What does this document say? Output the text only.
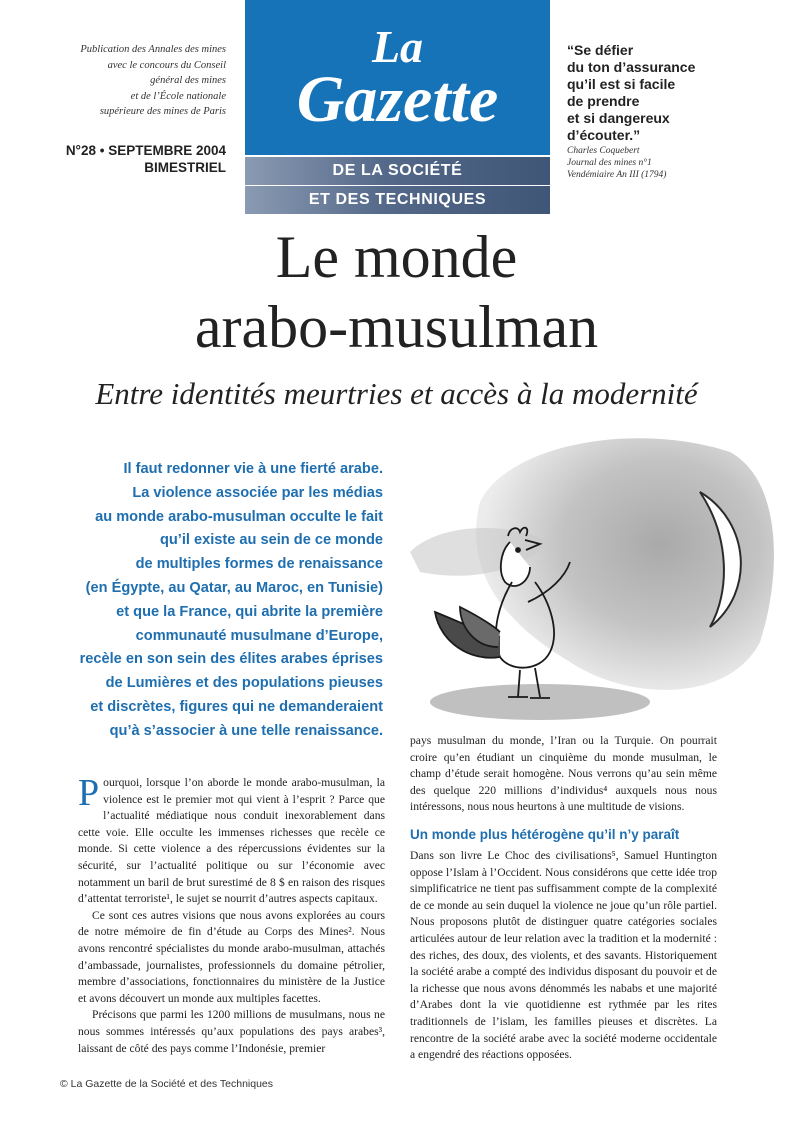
Publication des Annales des mines
avec le concours du Conseil
général des mines
et de l’École nationale
supérieure des mines de Paris
N°28 • SEPTEMBRE 2004
BIMESTRIEL
La
Gazette
DE LA SOCIÉTÉ
ET DES TECHNIQUES
“Se défier
du ton d’assurance
qu’il est si facile
de prendre
et si dangereux
d’écouter.”
Charles Coquebert
Journal des mines n°1
Vendémiaire An III (1794)
Le monde
arabo-musulman
Entre identités meurtries et accès à la modernité
Il faut redonner vie à une fierté arabe.
La violence associée par les médias
au monde arabo-musulman occulte le fait
qu’il existe au sein de ce monde
de multiples formes de renaissance
(en Égypte, au Qatar, au Maroc, en Tunisie)
et que la France, qui abrite la première
communauté musulmane d’Europe,
recèle en son sein des élites arabes éprises
de Lumières et des populations pieuses
et discrètes, figures qui ne demanderaient
qu’à s’associer à une telle renaissance.

Pourquoi, lorsque l’on aborde le monde arabo-musulman, la violence est le premier mot qui vient à l’esprit ? Parce que l’actualité médiatique nous conduit inexorablement dans cette voie. Elle occulte les immenses richesses que recèle ce monde. Si cette violence a des répercussions évidentes sur la sécurité, sur l’actualité politique ou sur l’économie avec notamment un baril de brut surestimé de 8 $ en raison des risques d’attentat terroriste¹, le sujet se nourrit d’autres aspects capitaux.

Ce sont ces autres visions que nous avons explorées au cours de notre mémoire de fin d’étude au Corps des Mines². Nous avons rencontré spécialistes du monde arabo-musulman, attachés d’ambassade, journalistes, professionnels du domaine pétrolier, membre d’associations, fonctionnaires du ministère de la Justice et avons découvert un monde aux multiples facettes.

Précisons que parmi les 1200 millions de musulmans, nous ne nous sommes intéressés qu’aux populations des pays arabes³, laissant de côté des pays comme l’Indonésie, premier

pays musulman du monde, l’Iran ou la Turquie. On pourrait croire qu’en étudiant un cinquième du monde musulman, le champ d’étude serait homogène. Nous verrons qu’au sein même des quelque 220 millions d’individus⁴ auxquels nous nous intéressons, nous nous heurtons à une multitude de visions.

Un monde plus hétérogène qu’il n’y paraît

Dans son livre Le Choc des civilisations⁵, Samuel Huntington oppose l’Islam à l’Occident. Nous considérons que cette idée trop simplificatrice ne tient pas suffisamment compte de la complexité de ce monde au sein duquel la violence ne joue qu’un rôle partiel. Nous proposons plutôt de distinguer quatre catégories sociales articulées autour de leur relation avec la tradition et la modernité : des riches, des doux, des violents, et des savants. Historiquement la société arabe a compté des individus disposant du pouvoir et de la richesse que nous avons dénommés les nababs et une majorité d’Arabes dont la vie quotidienne est rythmée par les rites traditionnels de l’islam, les familles pieuses et discrètes. La rencontre de la société arabe avec la société moderne occidentale a engendré des réactions opposées.

© La Gazette de la Société et des Techniques
